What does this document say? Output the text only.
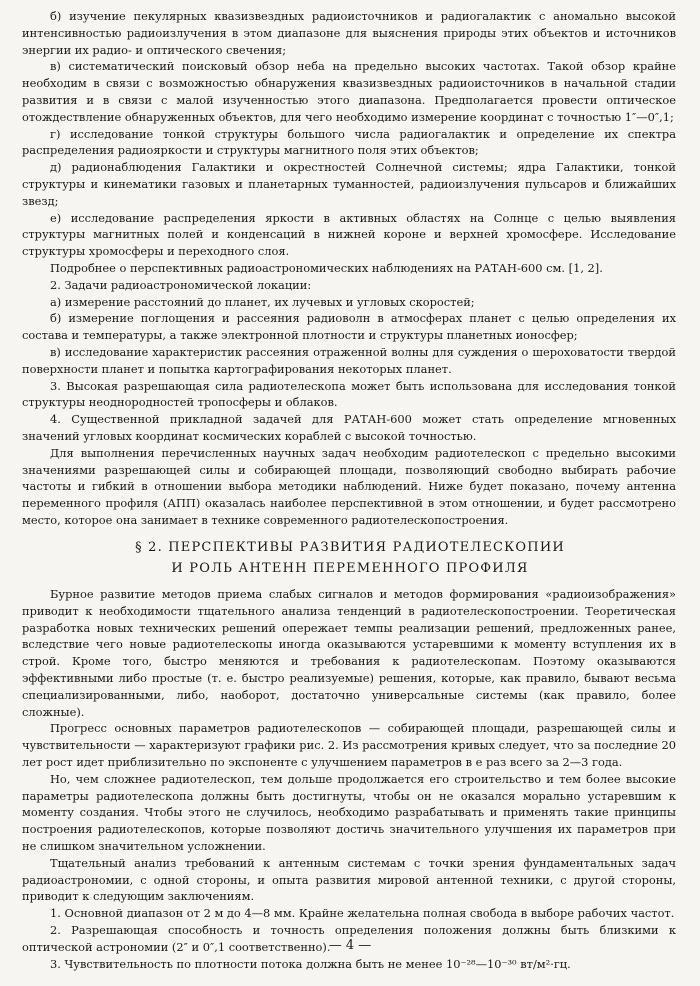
б) изучение пекулярных квазизвездных радиоисточников и радиогалактик с аномально высокой интенсивностью радиоизлучения в этом диапазоне для выяснения природы этих объектов и источников энергии их радио- и оптического свечения;

в) систематический поисковый обзор неба на предельно высоких частотах. Такой обзор крайне необходим в связи с возможностью обнаружения квазизвездных радиоисточников в начальной стадии развития и в связи с малой изученностью этого диапазона. Предполагается провести оптическое отождествление обнаруженных объектов, для чего необходимо измерение координат с точностью 1″—0″,1;

г) исследование тонкой структуры большого числа радиогалактик и определение их спектра распределения радиояркости и структуры магнитного поля этих объектов;

д) радионаблюдения Галактики и окрестностей Солнечной системы; ядра Галактики, тонкой структуры и кинематики газовых и планетарных туманностей, радиоизлучения пульсаров и ближайших звезд;

е) исследование распределения яркости в активных областях на Солнце с целью выявления структуры магнитных полей и конденсаций в нижней короне и верхней хромосфере. Исследование структуры хромосферы и переходного слоя.

Подробнее о перспективных радиоастрономических наблюдениях на РАТАН-600 см. [1, 2].

2. Задачи радиоастрономической локации:

а) измерение расстояний до планет, их лучевых и угловых скоростей;

б) измерение поглощения и рассеяния радиоволн в атмосферах планет с целью определения их состава и температуры, а также электронной плотности и структуры планетных ионосфер;

в) исследование характеристик рассеяния отраженной волны для суждения о шероховатости твердой поверхности планет и попытка картографирования некоторых планет.

3. Высокая разрешающая сила радиотелескопа может быть использована для исследования тонкой структуры неоднородностей тропосферы и облаков.

4. Существенной прикладной задачей для РАТАН-600 может стать определение мгновенных значений угловых координат космических кораблей с высокой точностью.

Для выполнения перечисленных научных задач необходим радиотелескоп с предельно высокими значениями разрешающей силы и собирающей площади, позволяющий свободно выбирать рабочие частоты и гибкий в отношении выбора методики наблюдений. Ниже будет показано, почему антенна переменного профиля (АПП) оказалась наиболее перспективной в этом отношении, и будет рассмотрено место, которое она занимает в технике современного радиотелескопостроения.

§ 2. ПЕРСПЕКТИВЫ РАЗВИТИЯ РАДИОТЕЛЕСКОПИИ
И РОЛЬ АНТЕНН ПЕРЕМЕННОГО ПРОФИЛЯ

Бурное развитие методов приема слабых сигналов и методов формирования «радиоизображения» приводит к необходимости тщательного анализа тенденций в радиотелескопостроении. Теоретическая разработка новых технических решений опережает темпы реализации решений, предложенных ранее, вследствие чего новые радиотелескопы иногда оказываются устаревшими к моменту вступления их в строй. Кроме того, быстро меняются и требования к радиотелескопам. Поэтому оказываются эффективными либо простые (т. е. быстро реализуемые) решения, которые, как правило, бывают весьма специализированными, либо, наоборот, достаточно универсальные системы (как правило, более сложные).

Прогресс основных параметров радиотелескопов — собирающей площади, разрешающей силы и чувствительности — характеризуют графики рис. 2. Из рассмотрения кривых следует, что за последние 20 лет рост идет приблизительно по экспоненте с улучшением параметров в e раз всего за 2—3 года.

Но, чем сложнее радиотелескоп, тем дольше продолжается его строительство и тем более высокие параметры радиотелескопа должны быть достигнуты, чтобы он не оказался морально устаревшим к моменту создания. Чтобы этого не случилось, необходимо разрабатывать и применять такие принципы построения радиотелескопов, которые позволяют достичь значительного улучшения их параметров при не слишком значительном усложнении.

Тщательный анализ требований к антенным системам с точки зрения фундаментальных задач радиоастрономии, с одной стороны, и опыта развития мировой антенной техники, с другой стороны, приводит к следующим заключениям.

1. Основной диапазон от 2 м до 4—8 мм. Крайне желательна полная свобода в выборе рабочих частот.

2. Разрешающая способность и точность определения положения должны быть близкими к оптической астрономии (2″ и 0″,1 соответственно).

3. Чувствительность по плотности потока должна быть не менее 10⁻²⁸—10⁻³⁰ вт/м²·гц.

— 4 —
